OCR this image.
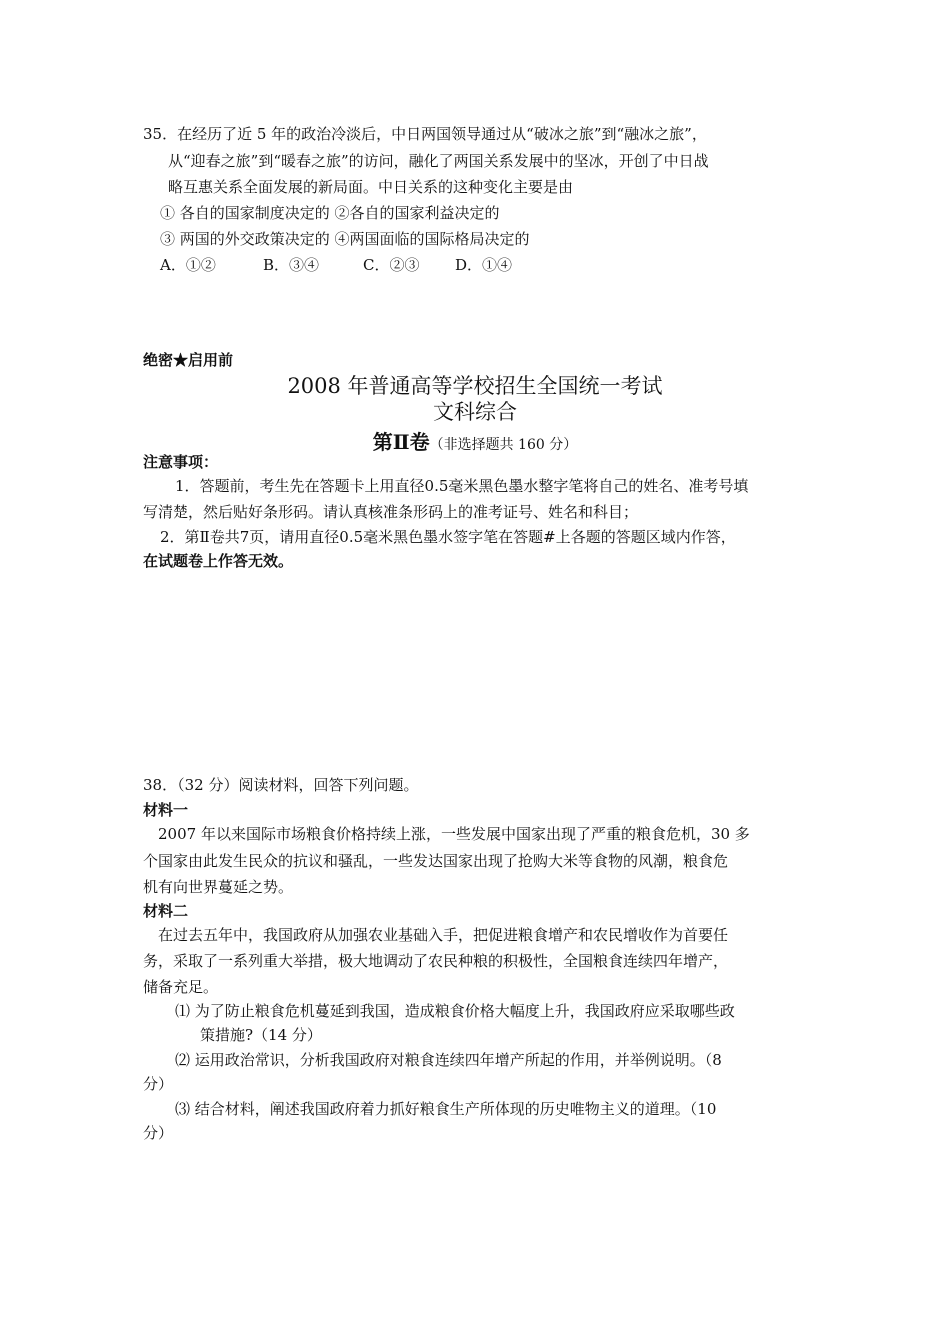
35．在经历了近 5 年的政治冷淡后，中日两国领导通过从“破冰之旅”到“融冰之旅”，
从“迎春之旅”到“暖春之旅”的访问，融化了两国关系发展中的坚冰，开创了中日战
略互惠关系全面发展的新局面。中日关系的这种变化主要是由
① 各自的国家制度决定的 ②各自的国家利益决定的
③ 两国的外交政策决定的 ④两国面临的国际格局决定的
A．①②	B．③④	C．②③ D．①④
绝密★启用前
2008 年普通高等学校招生全国统一考试
文科综合
第Ⅱ卷（非选择题共 160 分）
注意事项：
1．答题前，考生先在答题卡上用直径0.5毫米黑色墨水整字笔将自己的姓名、准考号填
写清楚，然后贴好条形码。请认真核准条形码上的准考证号、姓名和科目；
2．第Ⅱ卷共7页，请用直径0.5毫米黑色墨水签字笔在答题#上各题的答题区域内作答，
在试题卷上作答无效。
38．（32 分）阅读材料，回答下列问题。
材料一
2007 年以来国际市场粮食价格持续上涨，一些发展中国家出现了严重的粮食危机，30 多
个国家由此发生民众的抗议和骚乱，一些发达国家出现了抢购大米等食物的风潮，粮食危
机有向世界蔓延之势。
材料二
在过去五年中，我国政府从加强农业基础入手，把促进粮食增产和农民增收作为首要任
务，采取了一系列重大举措，极大地调动了农民种粮的积极性，全国粮食连续四年增产，
储备充足。
⑴ 为了防止粮食危机蔓延到我国，造成粮食价格大幅度上升，我国政府应采取哪些政
策措施?（14 分）
⑵ 运用政治常识，分析我国政府对粮食连续四年增产所起的作用，并举例说明。（8
分）
⑶ 结合材料，阐述我国政府着力抓好粮食生产所体现的历史唯物主义的道理。（10
分）
